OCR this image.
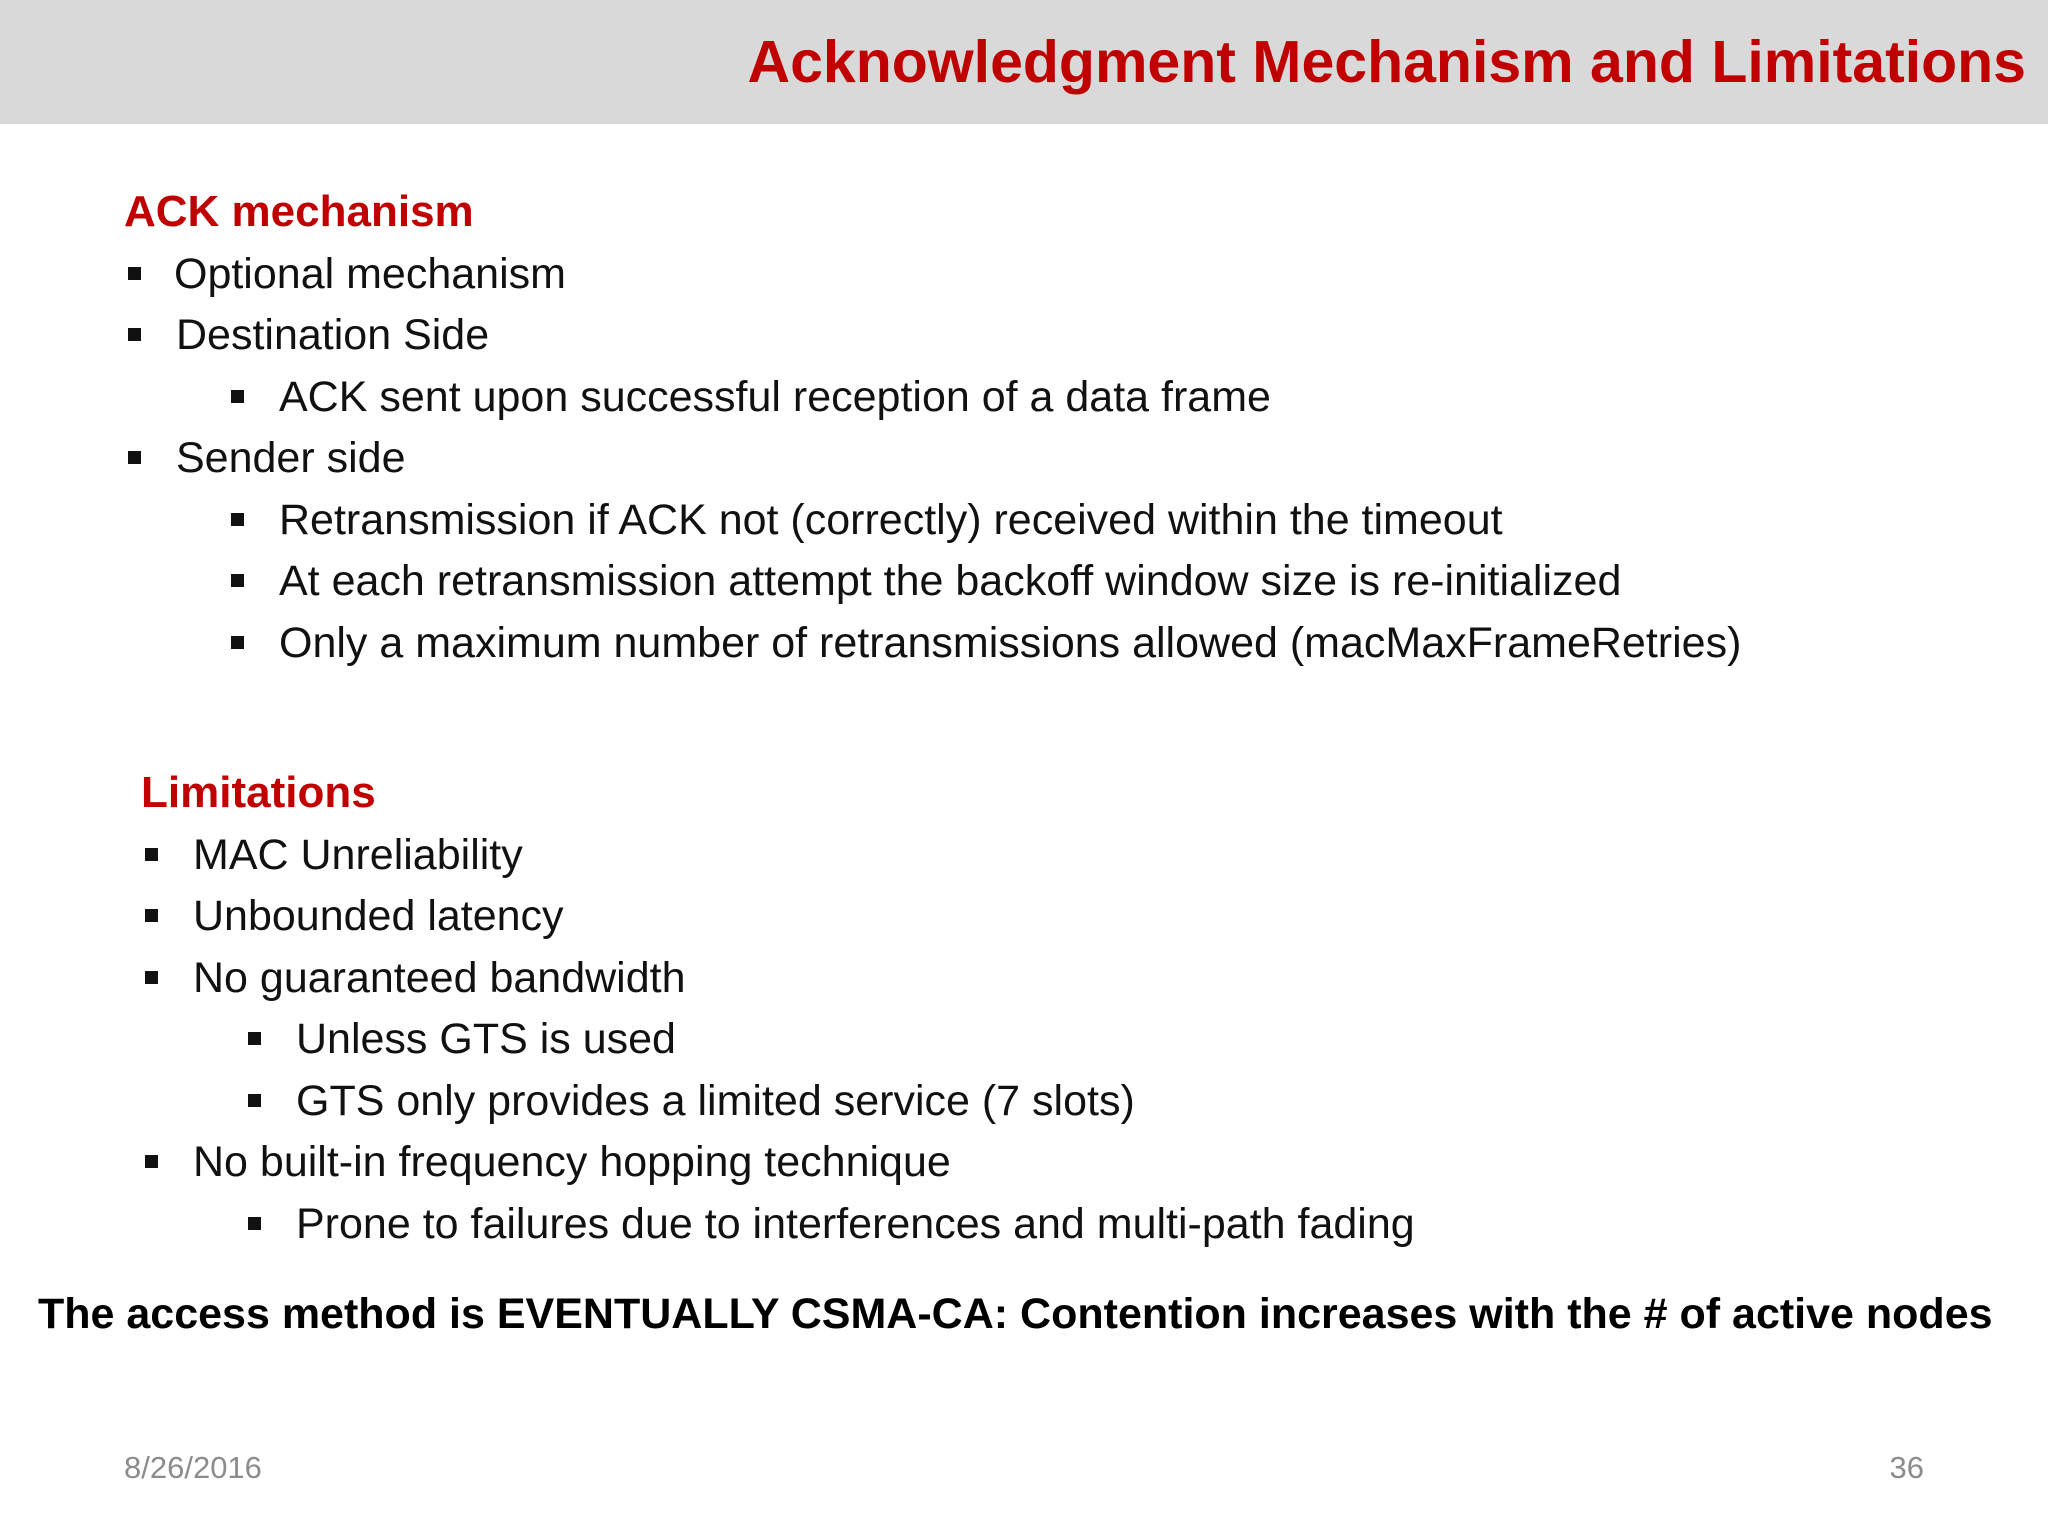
Acknowledgment Mechanism and Limitations
ACK mechanism
Optional mechanism
Destination Side
ACK sent upon successful reception of a data frame
Sender side
Retransmission if ACK not (correctly) received within the timeout
At each retransmission attempt the backoff window size is re-initialized
Only a maximum number of retransmissions allowed (macMaxFrameRetries)
Limitations
MAC Unreliability
Unbounded latency
No guaranteed bandwidth
Unless GTS is used
GTS only provides a limited service (7 slots)
No built-in frequency hopping technique
Prone to failures due to interferences and multi-path fading
The access method is EVENTUALLY CSMA-CA: Contention increases with the # of active nodes
8/26/2016	36
